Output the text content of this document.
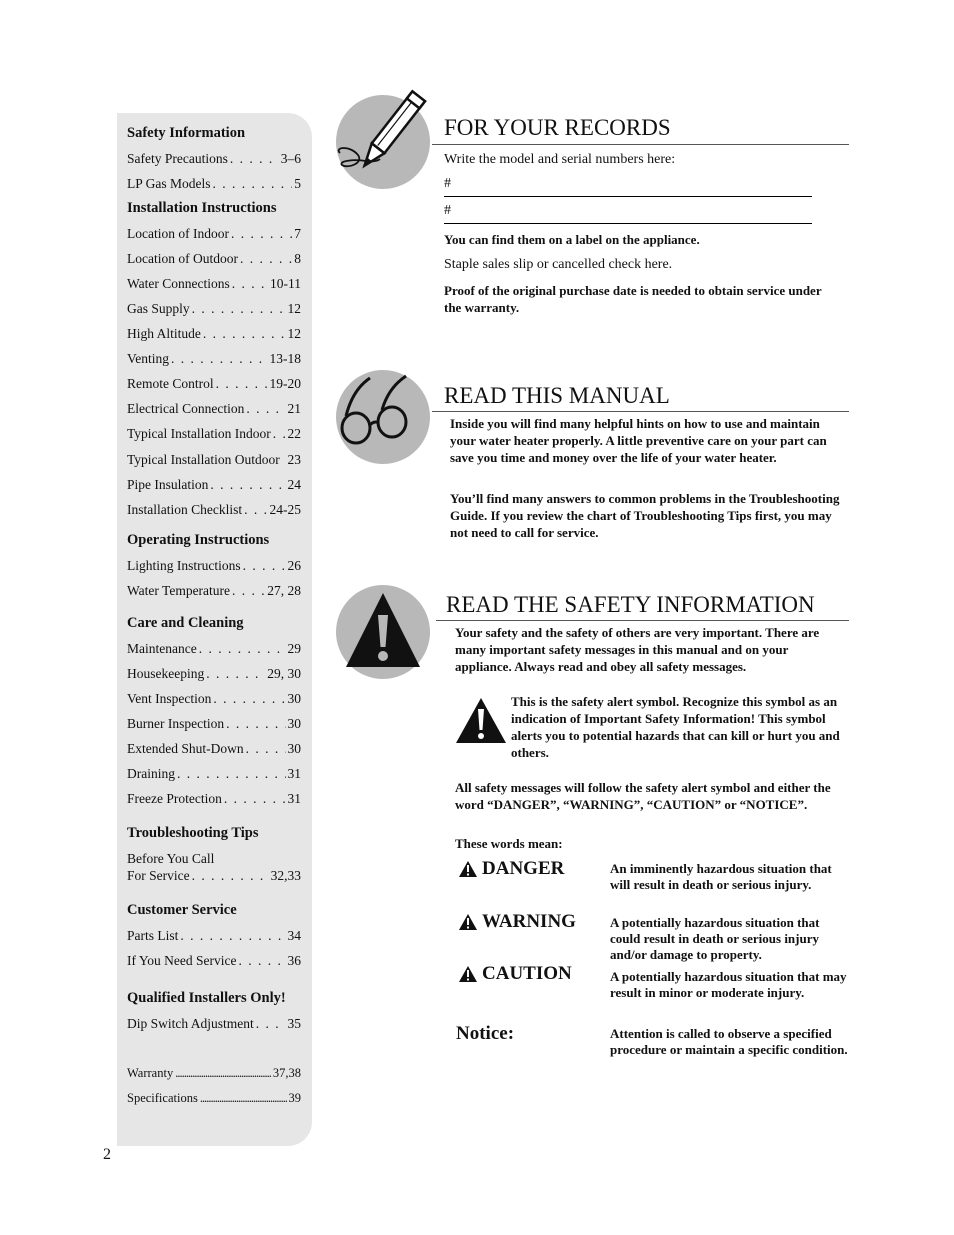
Safety Information
Safety Precautions . . .	3–6
LP Gas Models . . .	5
Installation Instructions
Location of Indoor . . .	7
Location of Outdoor . . .	8
Water Connections . . .	10-11
Gas Supply . . .	12
High Altitude . . .	12
Venting . . .	13-18
Remote Control . . .	19-20
Electrical Connection . . .	21
Typical Installation Indoor . . . 22
Typical Installation Outdoor 23
Pipe Insulation . . .	24
Installation Checklist . . . 24-25
Operating Instructions
Lighting Instructions . . .	26
Water Temperature . . .	27, 28
Care and Cleaning
Maintenance . . .	29
Housekeeping . . .	29, 30
Vent Inspection . . .	30
Burner Inspection . . .	30
Extended Shut-Down . . .	30
Draining . . .	31
Freeze Protection . . .	31
Troubleshooting Tips
Before You Call
For Service . . .	32,33
Customer Service
Parts List . . .	34
If You Need Service . . .	36
Qualified Installers Only!
Dip Switch Adjustment . . . 35
Warranty .....	37,38
Specifications .....	39
2
FOR YOUR RECORDS
Write the model and serial numbers here:
#
#
You can find them on a label on the appliance.
Staple sales slip or cancelled check here.
Proof of the original purchase date is needed to obtain service under the warranty.
READ THIS MANUAL
Inside you will find many helpful hints on how to use and maintain your water heater properly. A little preventive care on your part can save you time and money over the life of your water heater.
You’ll find many answers to common problems in the Troubleshooting Guide. If you review the chart of Troubleshooting Tips first, you may not need to call for service.
READ THE SAFETY INFORMATION
Your safety and the safety of others are very important. There are many important safety messages in this manual and on your appliance. Always read and obey all safety messages.
This is the safety alert symbol. Recognize this symbol as an indication of Important Safety Information! This symbol alerts you to potential hazards that can kill or hurt you and others.
All safety messages will follow the safety alert symbol and either the word “DANGER”, “WARNING”, “CAUTION” or “NOTICE”.
These words mean:
DANGER	An imminently hazardous situation that will result in death or serious injury.
WARNING	A potentially hazardous situation that could result in death or serious injury and/or damage to property.
CAUTION	A potentially hazardous situation that may result in minor or moderate injury.
Notice:	Attention is called to observe a specified procedure or maintain a specific condition.
